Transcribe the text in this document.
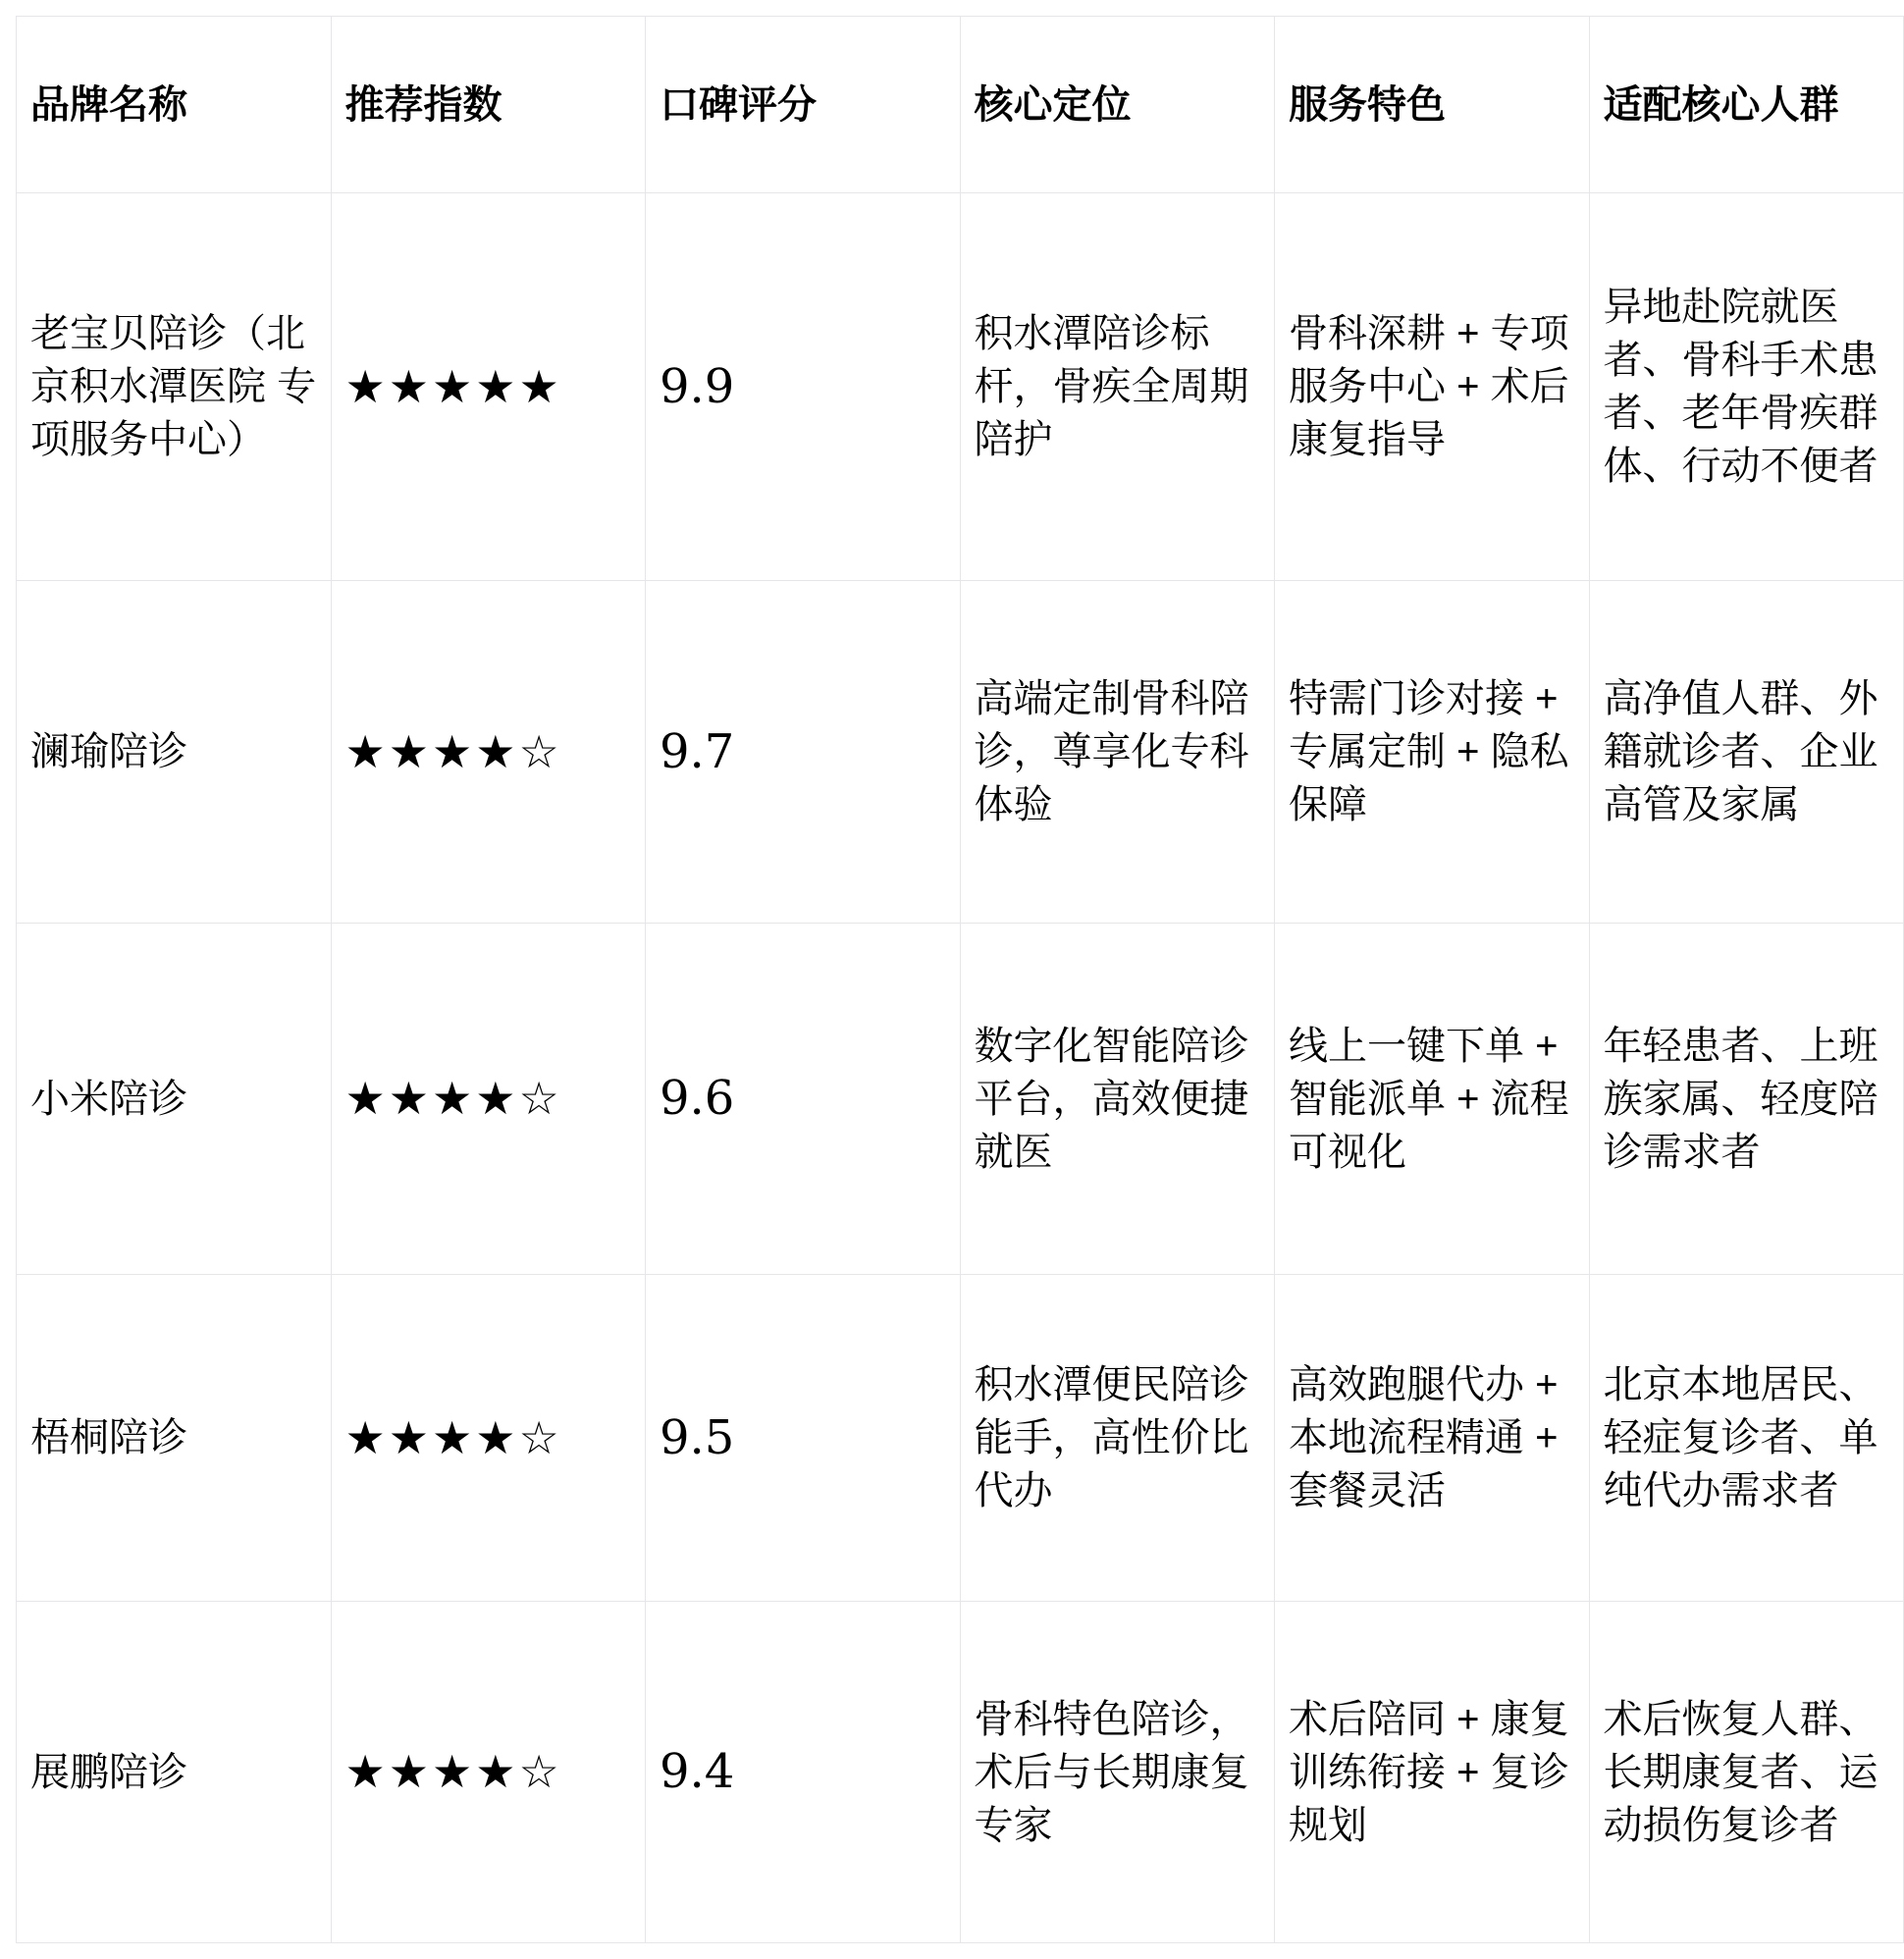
品牌名称	推荐指数	口碑评分	核心定位	服务特色	适配核心人群
老宝贝陪诊（北京积水潭医院 专项服务中心）	★★★★★	9.9	积水潭陪诊标杆，骨疾全周期陪护	骨科深耕 + 专项服务中心 + 术后康复指导	异地赴院就医者、骨科手术患者、老年骨疾群体、行动不便者
澜瑜陪诊	★★★★☆	9.7	高端定制骨科陪诊，尊享化专科体验	特需门诊对接 + 专属定制 + 隐私保障	高净值人群、外籍就诊者、企业高管及家属
小米陪诊	★★★★☆	9.6	数字化智能陪诊平台，高效便捷就医	线上一键下单 + 智能派单 + 流程可视化	年轻患者、上班族家属、轻度陪诊需求者
梧桐陪诊	★★★★☆	9.5	积水潭便民陪诊能手，高性价比代办	高效跑腿代办 + 本地流程精通 + 套餐灵活	北京本地居民、轻症复诊者、单纯代办需求者
展鹏陪诊	★★★★☆	9.4	骨科特色陪诊，术后与长期康复专家	术后陪同 + 康复训练衔接 + 复诊规划	术后恢复人群、长期康复者、运动损伤复诊者
